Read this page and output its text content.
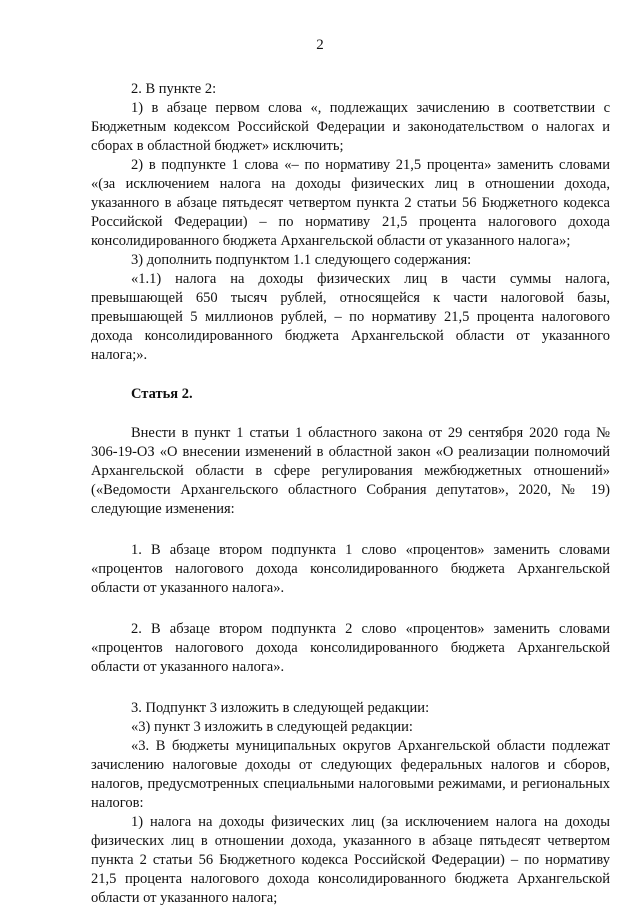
2

2. В пункте 2:

1) в абзаце первом слова «, подлежащих зачислению в соответствии с Бюджетным кодексом Российской Федерации и законодательством о налогах и сборах в областной бюджет» исключить;

2) в подпункте 1 слова «– по нормативу 21,5 процента» заменить словами «(за исключением налога на доходы физических лиц в отношении дохода, указанного в абзаце пятьдесят четвертом пункта 2 статьи 56 Бюджетного кодекса Российской Федерации) – по нормативу 21,5 процента налогового дохода консолидированного бюджета Архангельской области от указанного налога»;

3) дополнить подпунктом 1.1 следующего содержания:

«1.1) налога на доходы физических лиц в части суммы налога, превышающей 650 тысяч рублей, относящейся к части налоговой базы, превышающей 5 миллионов рублей, – по нормативу 21,5 процента налогового дохода консолидированного бюджета Архангельской области от указанного налога;».

Статья 2.

Внести в пункт 1 статьи 1 областного закона от 29 сентября 2020 года № 306-19-ОЗ «О внесении изменений в областной закон «О реализации полномочий Архангельской области в сфере регулирования межбюджетных отношений» («Ведомости Архангельского областного Собрания депутатов», 2020, № 19) следующие изменения:

1. В абзаце втором подпункта 1 слово «процентов» заменить словами «процентов налогового дохода консолидированного бюджета Архангельской области от указанного налога».

2. В абзаце втором подпункта 2 слово «процентов» заменить словами «процентов налогового дохода консолидированного бюджета Архангельской области от указанного налога».

3. Подпункт 3 изложить в следующей редакции:

«3) пункт 3 изложить в следующей редакции:

«3. В бюджеты муниципальных округов Архангельской области подлежат зачислению налоговые доходы от следующих федеральных налогов и сборов, налогов, предусмотренных специальными налоговыми режимами, и региональных налогов:

1) налога на доходы физических лиц (за исключением налога на доходы физических лиц в отношении дохода, указанного в абзаце пятьдесят четвертом пункта 2 статьи 56 Бюджетного кодекса Российской Федерации) – по нормативу 21,5 процента налогового дохода консолидированного бюджета Архангельской области от указанного налога;
